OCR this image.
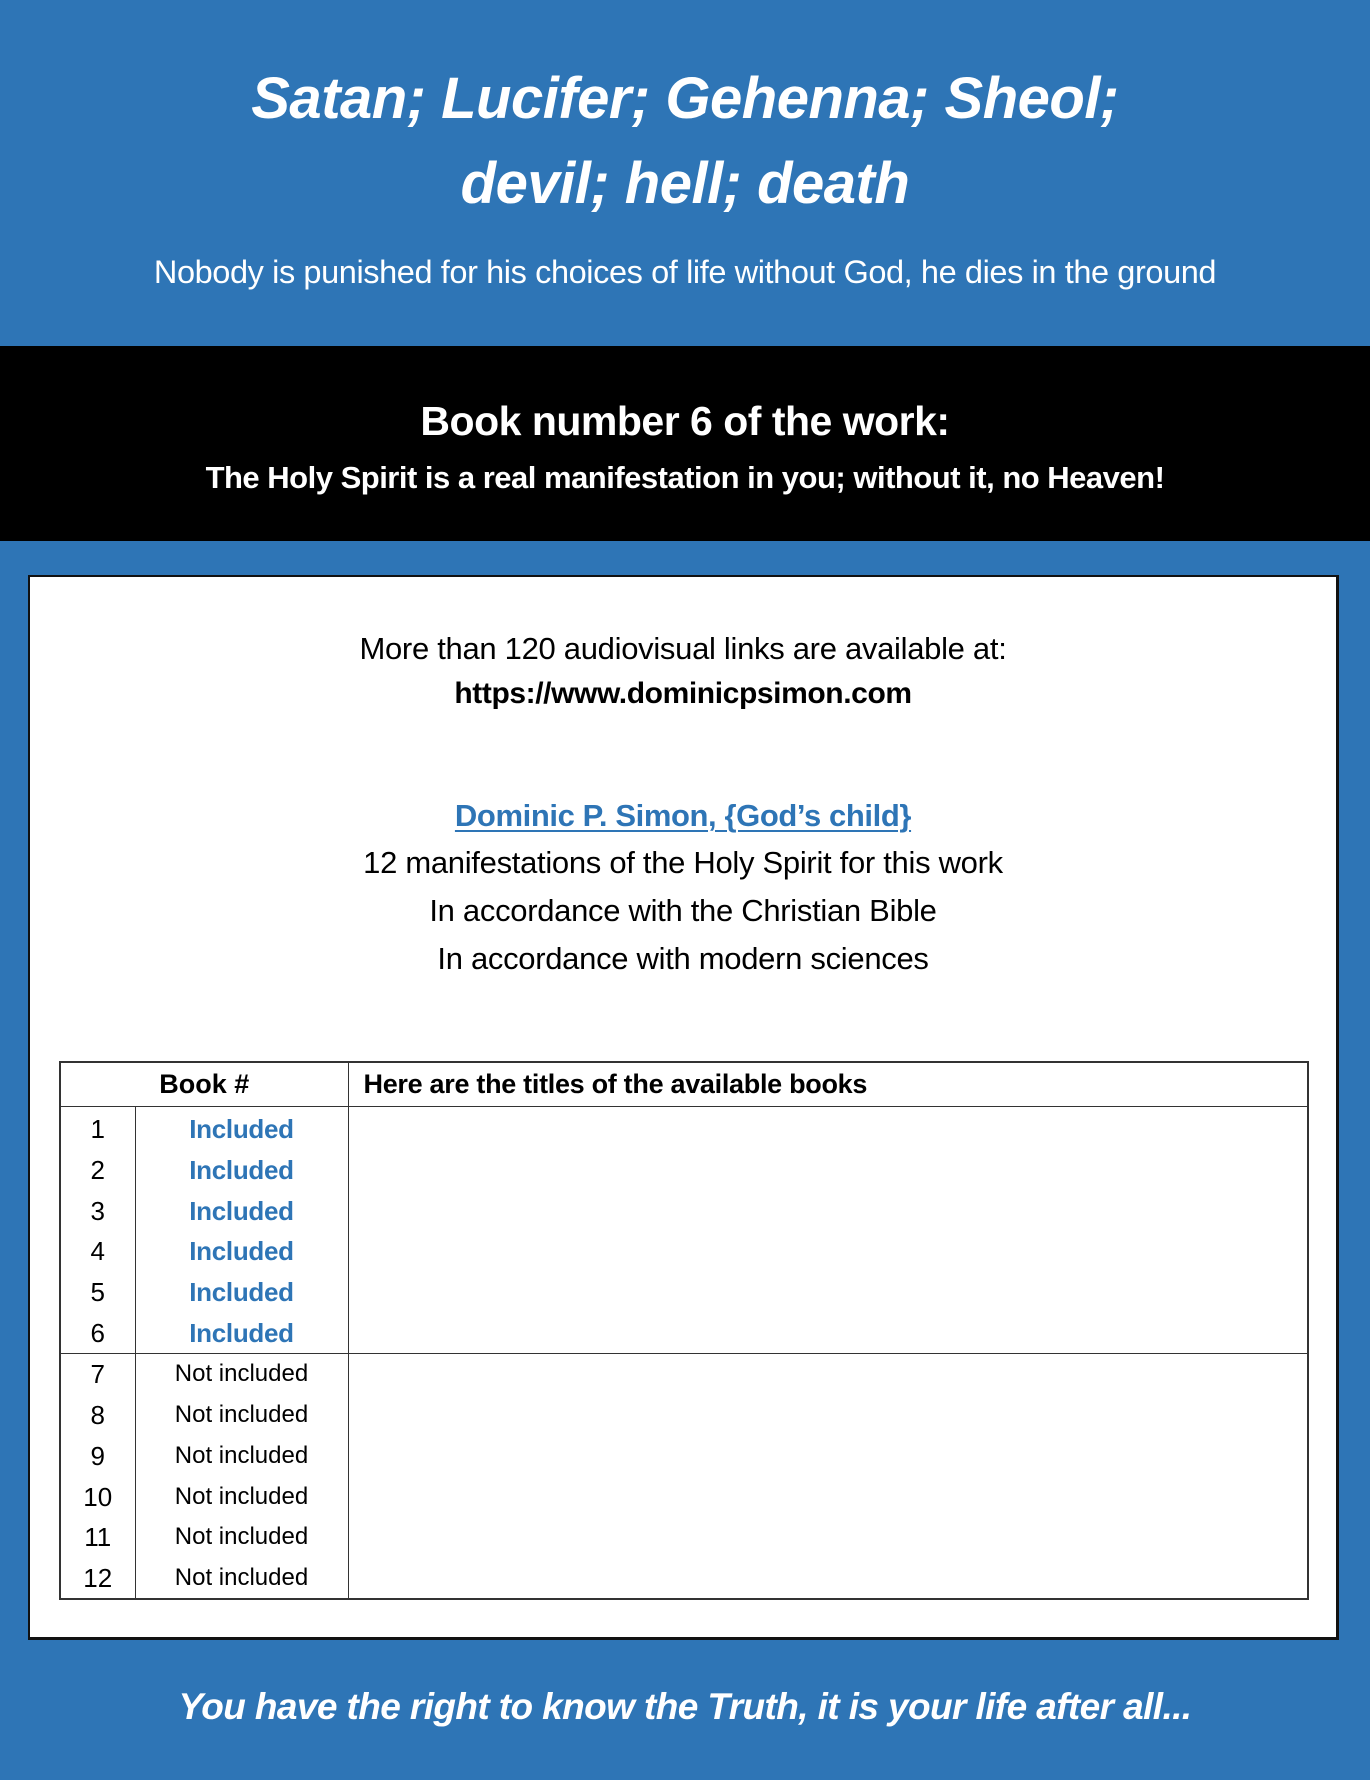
Satan; Lucifer; Gehenna; Sheol;
devil; hell; death
Nobody is punished for his choices of life without God, he dies in the ground
Book number 6 of the work:
The Holy Spirit is a real manifestation in you; without it, no Heaven!
More than 120 audiovisual links are available at:
https://www.dominicpsimon.com
Dominic P. Simon, {God’s child}
12 manifestations of the Holy Spirit for this work
In accordance with the Christian Bible
In accordance with modern sciences
Book #		Here are the titles of the available books
1	Included	Christian baptism is an initiation, it does not open the gates of Heaven
2	Included	Yes, God really exists, proofs by sciences, miracles and healings
3	Included	To go to Heaven, a Christian must take charge of his own life
4	Included	The Holy Spirit is received by the Breath of God's Life through your nostrils
5	Included	Here is how to ask for a healing or a miracle
6	Included	Satan; Lucifer; Gehenna; Sheol; devil; hell; death
7	Not included	Concrete explanations of the Bible for all Christians
8	Not included	An essential Christian resourcing to find God
9	Not included	The Last Judgment is during your human life on earth
10	Not included	Resurrection; spiritual body; we must be born again on earth
11	Not included	A modern model that unites science and the Bible
12	Not included	Earth is God's garden of culture in order to get his children
You have the right to know the Truth, it is your life after all...
